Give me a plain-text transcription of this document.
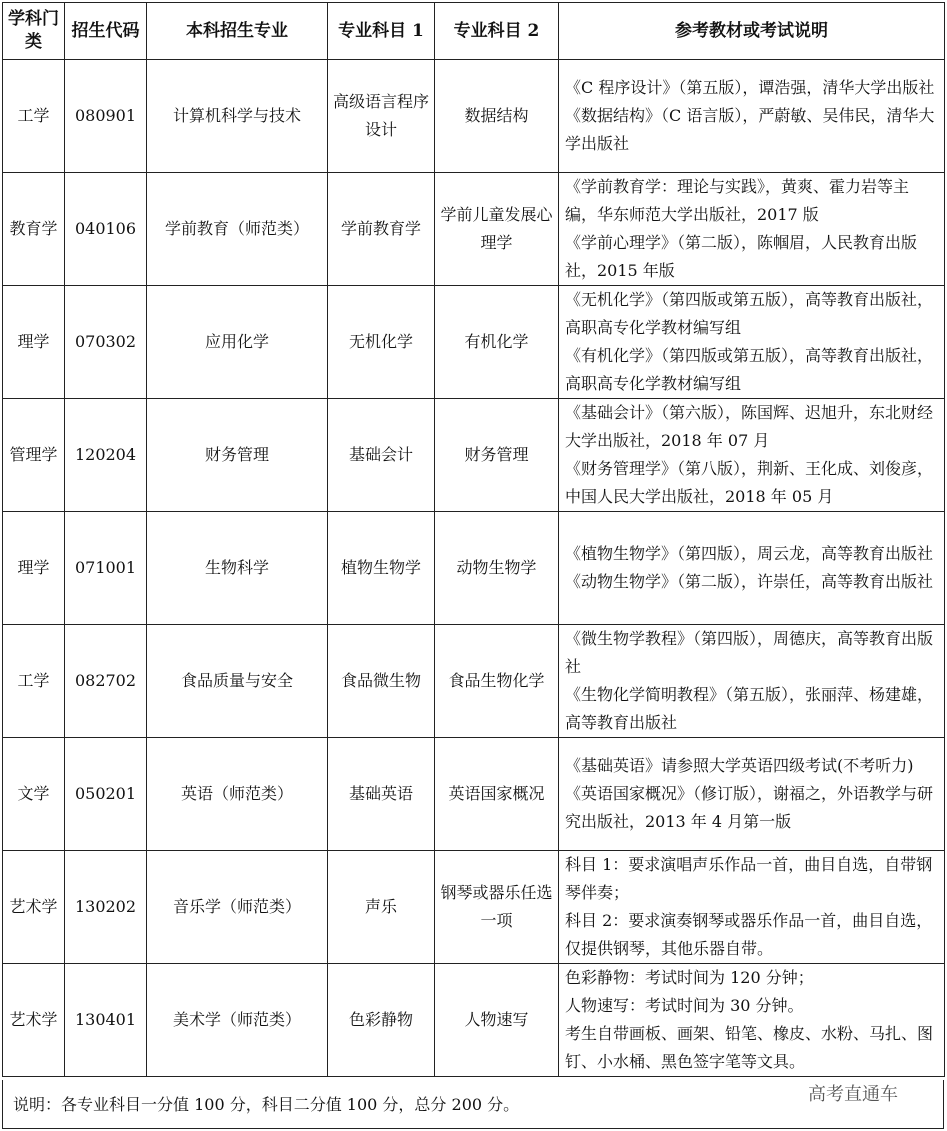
学科门类	招生代码	本科招生专业	专业科目 1	专业科目 2	参考教材或考试说明
工学	080901	计算机科学与技术	高级语言程序设计	数据结构	《C 程序设计》（第五版），谭浩强，清华大学出版社
《数据结构》（C 语言版），严蔚敏、吴伟民，清华大学出版社

教育学	040106	学前教育（师范类）	学前教育学	学前儿童发展心理学	《学前教育学：理论与实践》，黄爽、霍力岩等主编，华东师范大学出版社，2017 版
《学前心理学》（第二版），陈帼眉，人民教育出版社，2015 年版

理学	070302	应用化学	无机化学	有机化学	《无机化学》（第四版或第五版），高等教育出版社，高职高专化学教材编写组
《有机化学》（第四版或第五版），高等教育出版社，高职高专化学教材编写组

管理学	120204	财务管理	基础会计	财务管理	《基础会计》（第六版），陈国辉、迟旭升，东北财经大学出版社，2018 年 07 月
《财务管理学》（第八版），荆新、王化成、刘俊彦，中国人民大学出版社，2018 年 05 月

理学	071001	生物科学	植物生物学	动物生物学	《植物生物学》（第四版），周云龙，高等教育出版社
《动物生物学》（第二版），许崇任，高等教育出版社

工学	082702	食品质量与安全	食品微生物	食品生物化学	《微生物学教程》（第四版），周德庆，高等教育出版社
《生物化学简明教程》（第五版），张丽萍、杨建雄，高等教育出版社

文学	050201	英语（师范类）	基础英语	英语国家概况	《基础英语》请参照大学英语四级考试(不考听力)
《英语国家概况》（修订版），谢福之，外语教学与研究出版社，2013 年 4 月第一版

艺术学	130202	音乐学（师范类）	声乐	钢琴或器乐任选一项	科目 1：要求演唱声乐作品一首，曲目自选，自带钢琴伴奏；
科目 2：要求演奏钢琴或器乐作品一首，曲目自选，仅提供钢琴，其他乐器自带。

艺术学	130401	美术学（师范类）	色彩静物	人物速写	色彩静物：考试时间为 120 分钟；
人物速写：考试时间为 30 分钟。
考生自带画板、画架、铅笔、橡皮、水粉、马扎、图钉、小水桶、黑色签字笔等文具。
说明：各专业科目一分值 100 分，科目二分值 100 分，总分 200 分。	高考直通车
